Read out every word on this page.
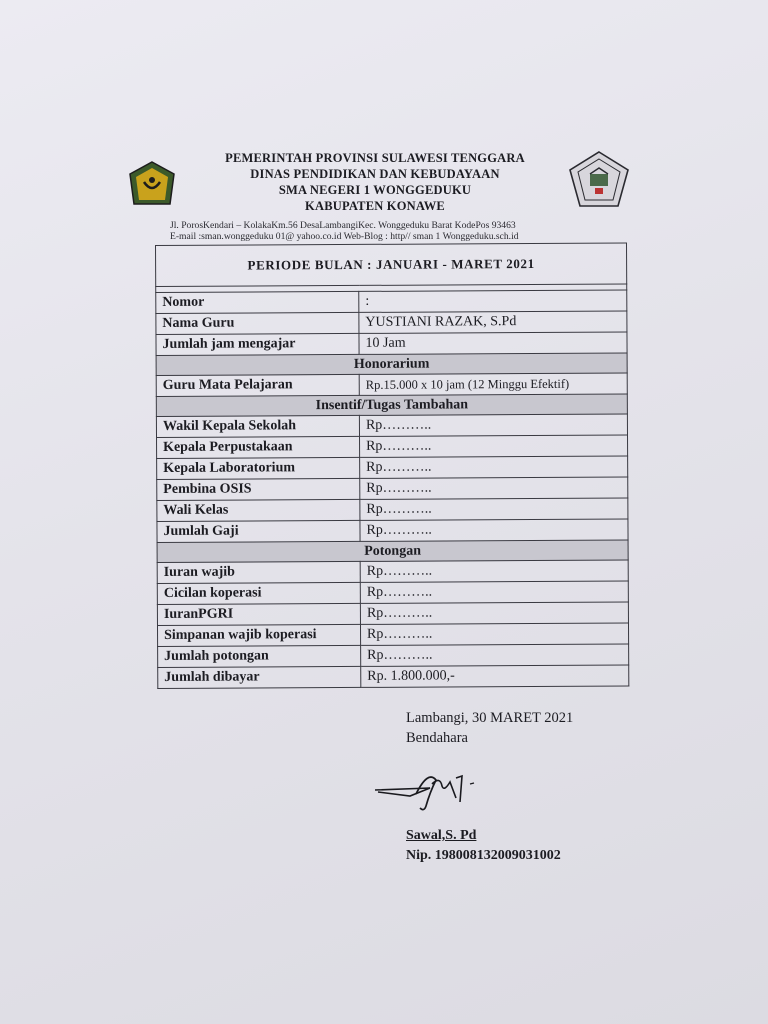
PEMERINTAH PROVINSI SULAWESI TENGGARA
DINAS PENDIDIKAN DAN KEBUDAYAAN
SMA NEGERI 1 WONGGEDUKU
KABUPATEN KONAWE
Jl. PorosKendari – KolakaKm.56 DesaLambangiKec. Wonggeduku Barat KodePos 93463
E-mail :sman.wonggeduku 01@ yahoo.co.id Web-Blog : http// sman 1 Wonggeduku.sch.id
PERIODE BULAN : JANUARI - MARET 2021	

Nomor	:
Nama Guru	YUSTIANI RAZAK, S.Pd
Jumlah jam mengajar	10 Jam
Honorarium	
Guru Mata Pelajaran	Rp.15.000 x 10 jam (12 Minggu Efektif)
Insentif/Tugas Tambahan	
Wakil Kepala Sekolah	Rp………..
Kepala Perpustakaan	Rp………..
Kepala Laboratorium	Rp………..
Pembina OSIS	Rp………..
Wali Kelas	Rp………..
Jumlah Gaji	Rp………..
Potongan	
Iuran wajib	Rp………..
Cicilan koperasi	Rp………..
IuranPGRI	Rp………..
Simpanan wajib koperasi	Rp………..
Jumlah potongan	Rp………..
Jumlah dibayar	Rp. 1.800.000,-
Lambangi, 30 MARET 2021
Bendahara
Sawal,S. Pd
Nip. 198008132009031002
